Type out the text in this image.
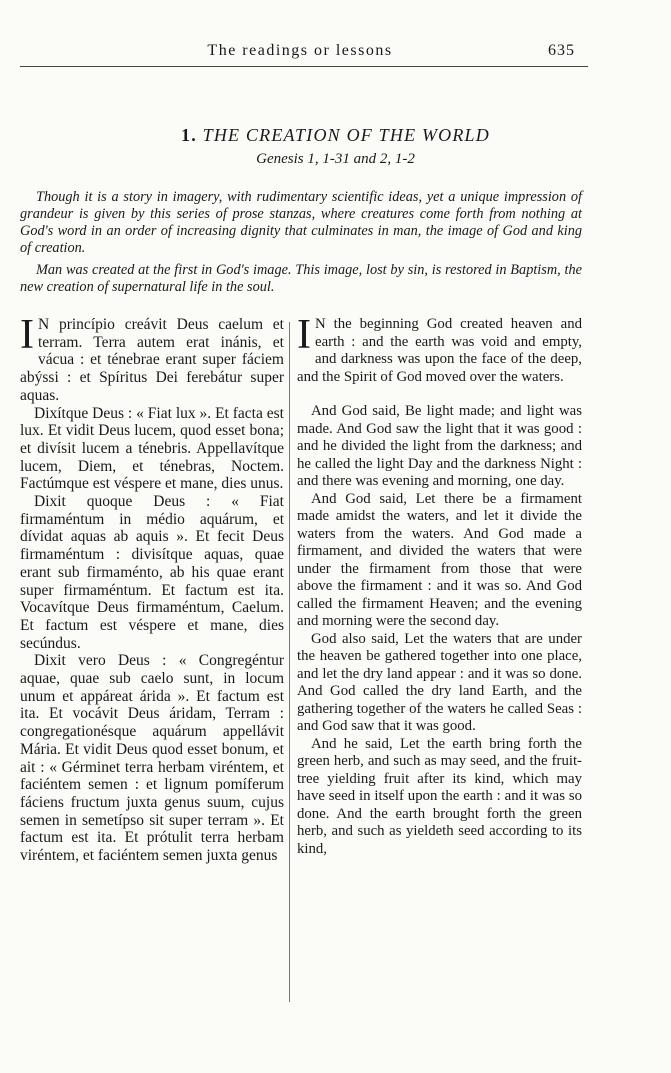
The readings or lessons	635
1. THE CREATION OF THE WORLD
Genesis 1, 1-31 and 2, 1-2

Though it is a story in imagery, with rudimentary scientific ideas, yet a unique impression of grandeur is given by this series of prose stanzas, where creatures come forth from nothing at God's word in an order of increasing dignity that culminates in man, the image of God and king of creation.

Man was created at the first in God's image. This image, lost by sin, is restored in Baptism, the new creation of supernatural life in the soul.

I N princípio creávit Deus caelum et terram. Terra autem erat inánis, et vácua : et ténebrae erant super fáciem abýssi : et Spíritus Dei ferebátur super aquas.

Dixítque Deus : « Fiat lux ». Et facta est lux. Et vidit Deus lucem, quod esset bona; et divísit lucem a ténebris. Appellavítque lucem, Diem, et ténebras, Noctem. Factúmque est véspere et mane, dies unus.

Dixit quoque Deus : « Fiat firmaméntum in médio aquárum, et dívidat aquas ab aquis ». Et fecit Deus firmaméntum : divisítque aquas, quae erant sub firmaménto, ab his quae erant super firmaméntum. Et factum est ita. Vocavítque Deus firmaméntum, Caelum. Et factum est véspere et mane, dies secúndus.

Dixit vero Deus : « Congregéntur aquae, quae sub caelo sunt, in locum unum et appáreat árida ». Et factum est ita. Et vocávit Deus áridam, Terram : congregationésque aquárum appellávit Mária. Et vidit Deus quod esset bonum, et ait : « Gérminet terra herbam viréntem, et faciéntem semen : et lignum pomíferum fáciens fructum juxta genus suum, cujus semen in semetípso sit super terram ». Et factum est ita. Et prótulit terra herbam viréntem, et faciéntem semen juxta genus

I N the beginning God created heaven and earth : and the earth was void and empty, and darkness was upon the face of the deep, and the Spirit of God moved over the waters.

And God said, Be light made; and light was made. And God saw the light that it was good : and he divided the light from the darkness; and he called the light Day and the darkness Night : and there was evening and morning, one day.

And God said, Let there be a firmament made amidst the waters, and let it divide the waters from the waters. And God made a firmament, and divided the waters that were under the firmament from those that were above the firmament : and it was so. And God called the firmament Heaven; and the evening and morning were the second day.

God also said, Let the waters that are under the heaven be gathered together into one place, and let the dry land appear : and it was so done. And God called the dry land Earth, and the gathering together of the waters he called Seas : and God saw that it was good.

And he said, Let the earth bring forth the green herb, and such as may seed, and the fruit-tree yielding fruit after its kind, which may have seed in itself upon the earth : and it was so done. And the earth brought forth the green herb, and such as yieldeth seed according to its kind,
